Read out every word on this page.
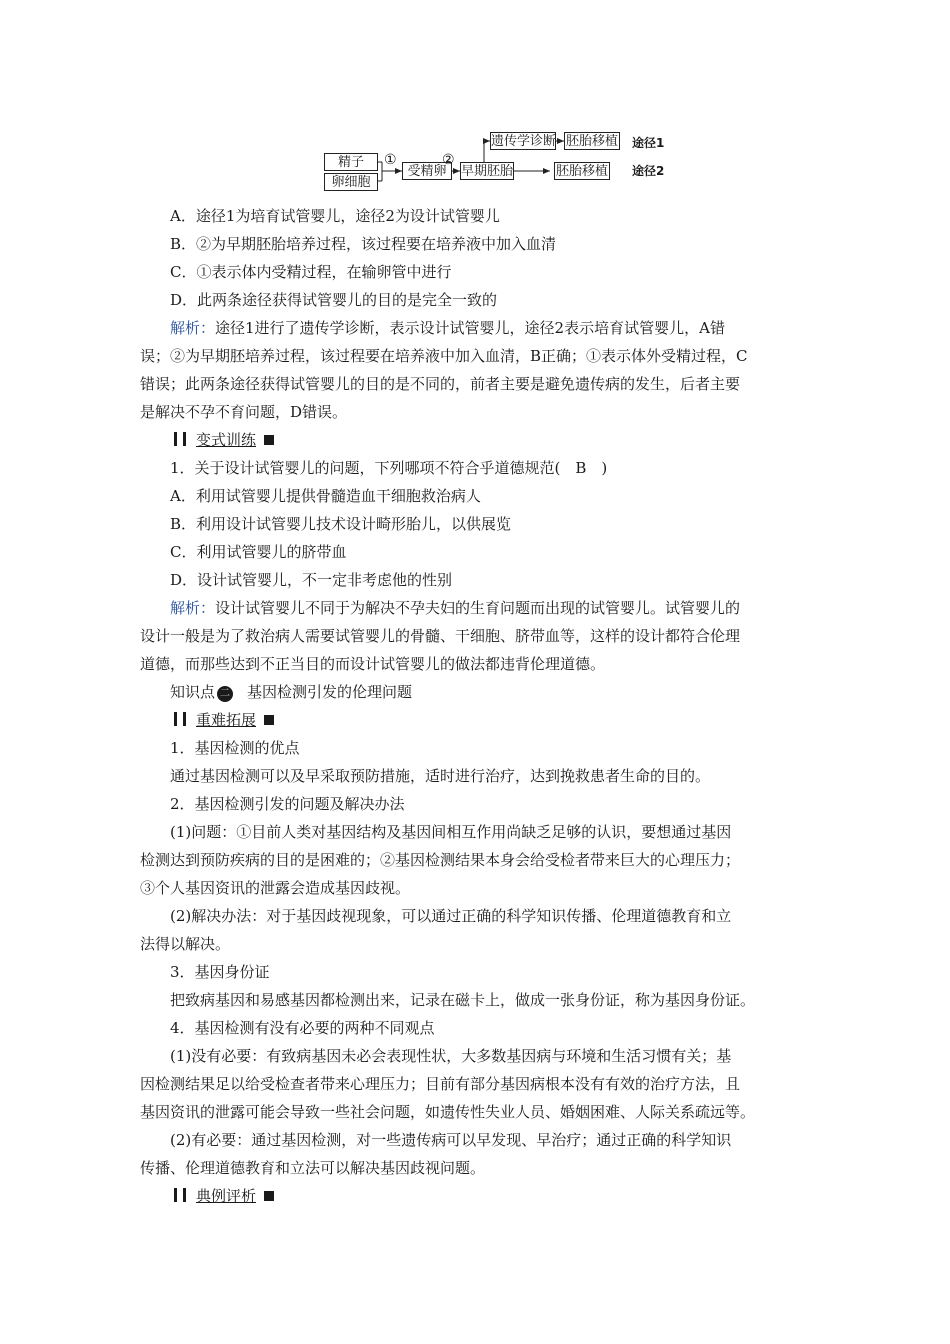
精子
卵细胞
①
受精卵
②
早期胚胎
遗传学诊断 胚胎移植
胚胎移植
途径1
途径2
A．途径1为培育试管婴儿，途径2为设计试管婴儿
B．②为早期胚胎培养过程，该过程要在培养液中加入血清
C．①表示体内受精过程，在输卵管中进行
D．此两条途径获得试管婴儿的目的是完全一致的
解析：途径1进行了遗传学诊断，表示设计试管婴儿，途径2表示培育试管婴儿，A错
误；②为早期胚培养过程，该过程要在培养液中加入血清，B正确；①表示体外受精过程，C
错误；此两条途径获得试管婴儿的目的是不同的，前者主要是避免遗传病的发生，后者主要
是解决不孕不育问题，D错误。
变式训练
1．关于设计试管婴儿的问题，下列哪项不符合乎道德规范(　B　)
A．利用试管婴儿提供骨髓造血干细胞救治病人
B．利用设计试管婴儿技术设计畸形胎儿，以供展览
C．利用试管婴儿的脐带血
D．设计试管婴儿，不一定非考虑他的性别
解析：设计试管婴儿不同于为解决不孕夫妇的生育问题而出现的试管婴儿。试管婴儿的
设计一般是为了救治病人需要试管婴儿的骨髓、干细胞、脐带血等，这样的设计都符合伦理
道德，而那些达到不正当目的而设计试管婴儿的做法都违背伦理道德。
知识点 二 基因检测引发的伦理问题
重难拓展
1．基因检测的优点
通过基因检测可以及早采取预防措施，适时进行治疗，达到挽救患者生命的目的。
2．基因检测引发的问题及解决办法
(1)问题：①目前人类对基因结构及基因间相互作用尚缺乏足够的认识，要想通过基因
检测达到预防疾病的目的是困难的；②基因检测结果本身会给受检者带来巨大的心理压力；
③个人基因资讯的泄露会造成基因歧视。
(2)解决办法：对于基因歧视现象，可以通过正确的科学知识传播、伦理道德教育和立
法得以解决。
3．基因身份证
把致病基因和易感基因都检测出来，记录在磁卡上，做成一张身份证，称为基因身份证。
4．基因检测有没有必要的两种不同观点
(1)没有必要：有致病基因未必会表现性状，大多数基因病与环境和生活习惯有关；基
因检测结果足以给受检查者带来心理压力；目前有部分基因病根本没有有效的治疗方法，且
基因资讯的泄露可能会导致一些社会问题，如遗传性失业人员、婚姻困难、人际关系疏远等。
(2)有必要：通过基因检测，对一些遗传病可以早发现、早治疗；通过正确的科学知识
传播、伦理道德教育和立法可以解决基因歧视问题。
典例评析
